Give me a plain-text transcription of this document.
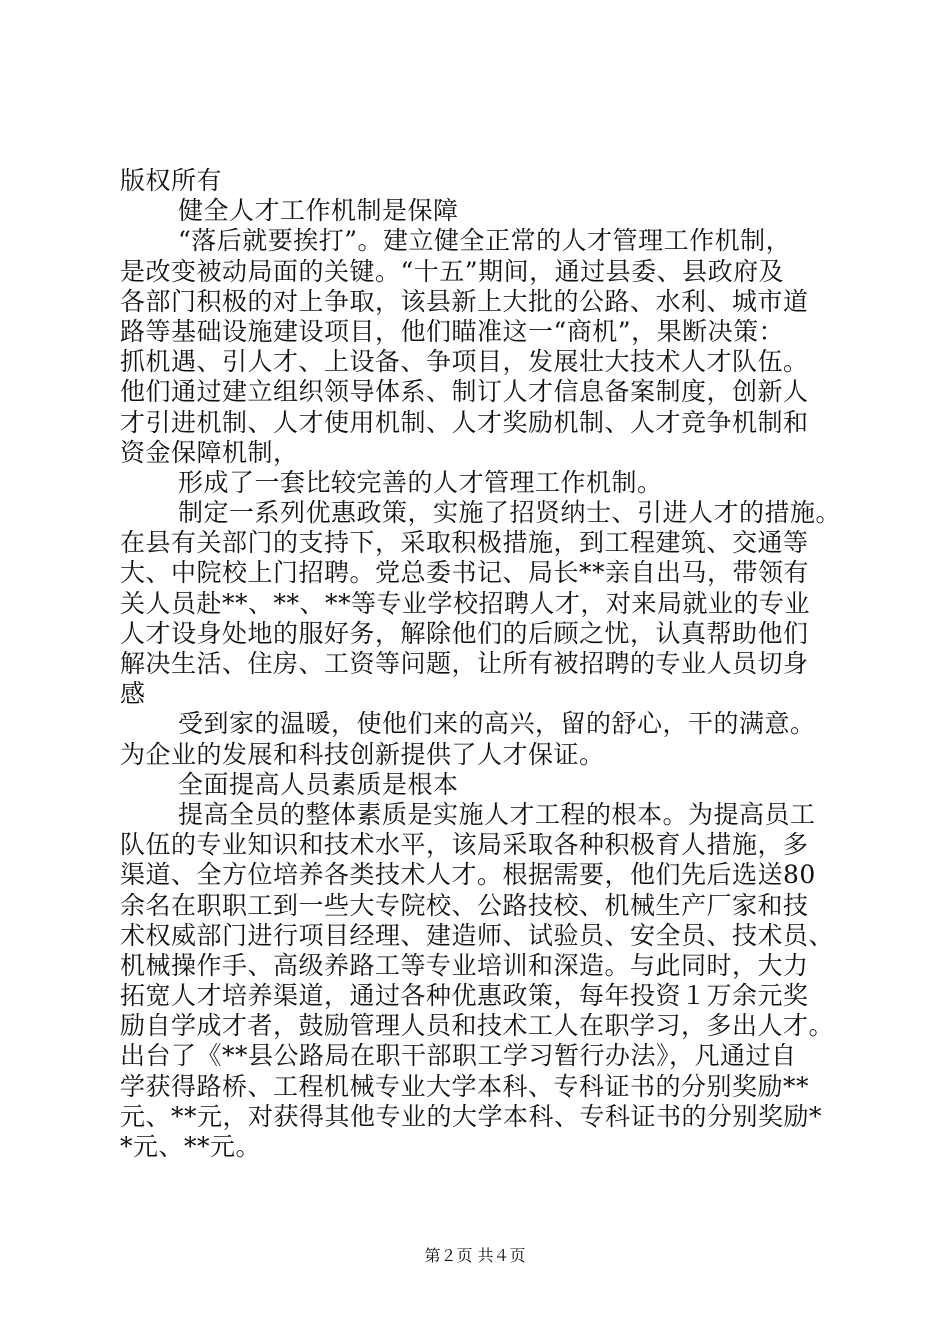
版权所有
健全人才工作机制是保障
“落后就要挨打”。建立健全正常的人才管理工作机制，
是改变被动局面的关键。“十五”期间，通过县委、县政府及
各部门积极的对上争取，该县新上大批的公路、水利、城市道
路等基础设施建设项目，他们瞄准这一“商机”，果断决策：
抓机遇、引人才、上设备、争项目，发展壮大技术人才队伍。
他们通过建立组织领导体系、制订人才信息备案制度，创新人
才引进机制、人才使用机制、人才奖励机制、人才竞争机制和
资金保障机制，
形成了一套比较完善的人才管理工作机制。
制定一系列优惠政策，实施了招贤纳士、引进人才的措施。
在县有关部门的支持下，采取积极措施，到工程建筑、交通等
大、中院校上门招聘。党总委书记、局长**亲自出马，带领有
关人员赴**、**、**等专业学校招聘人才，对来局就业的专业
人才设身处地的服好务，解除他们的后顾之忧，认真帮助他们
解决生活、住房、工资等问题，让所有被招聘的专业人员切身
感
受到家的温暖，使他们来的高兴，留的舒心，干的满意。
为企业的发展和科技创新提供了人才保证。
全面提高人员素质是根本
提高全员的整体素质是实施人才工程的根本。为提高员工
队伍的专业知识和技术水平，该局采取各种积极育人措施，多
渠道、全方位培养各类技术人才。根据需要，他们先后选送80
余名在职职工到一些大专院校、公路技校、机械生产厂家和技
术权威部门进行项目经理、建造师、试验员、安全员、技术员、
机械操作手、高级养路工等专业培训和深造。与此同时，大力
拓宽人才培养渠道，通过各种优惠政策，每年投资１万余元奖
励自学成才者，鼓励管理人员和技术工人在职学习，多出人才。
出台了《**县公路局在职干部职工学习暂行办法》，凡通过自
学获得路桥、工程机械专业大学本科、专科证书的分别奖励**
元、**元，对获得其他专业的大学本科、专科证书的分别奖励*
*元、**元。
第２页 共４页
